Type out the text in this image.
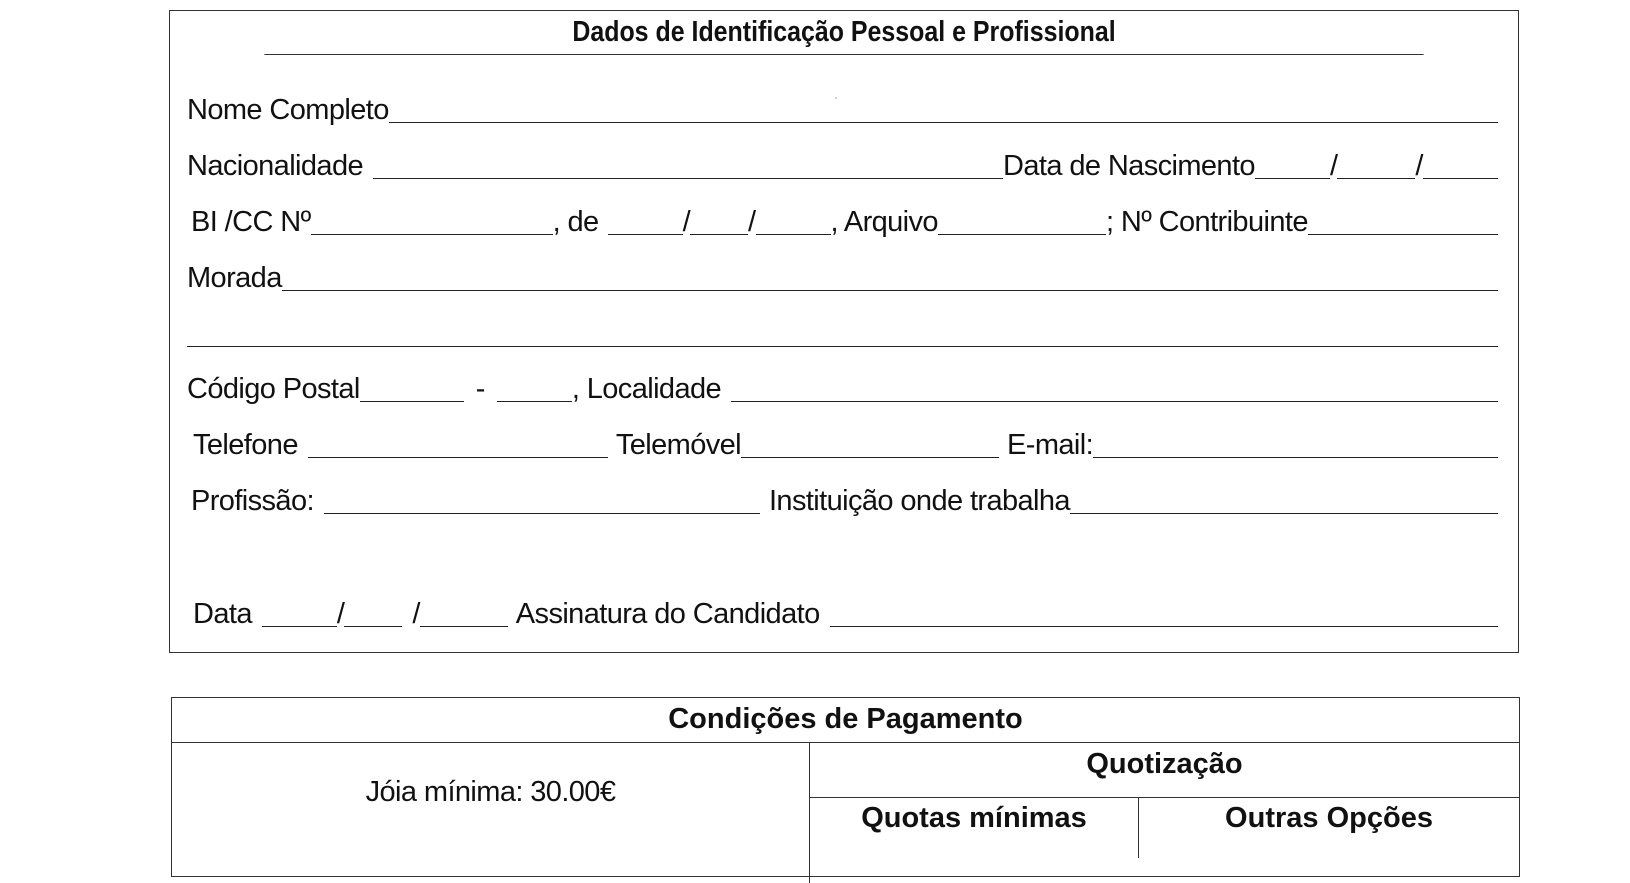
Dados de Identificação Pessoal e Profissional
Nome Completo
Nacionalidade	Data de Nascimento	/	/
BI /CC Nº	, de	/ /	, Arquivo	; Nº Contribuinte
Morada
Código Postal	-	, Localidade
Telefone	Telemóvel	E-mail:
Profissão:	Instituição onde trabalha
Data	/ /	Assinatura do Candidato
Condições de Pagamento
Jóia mínima: 30.00€
Quotização
Quotas mínimas	Outras Opções
